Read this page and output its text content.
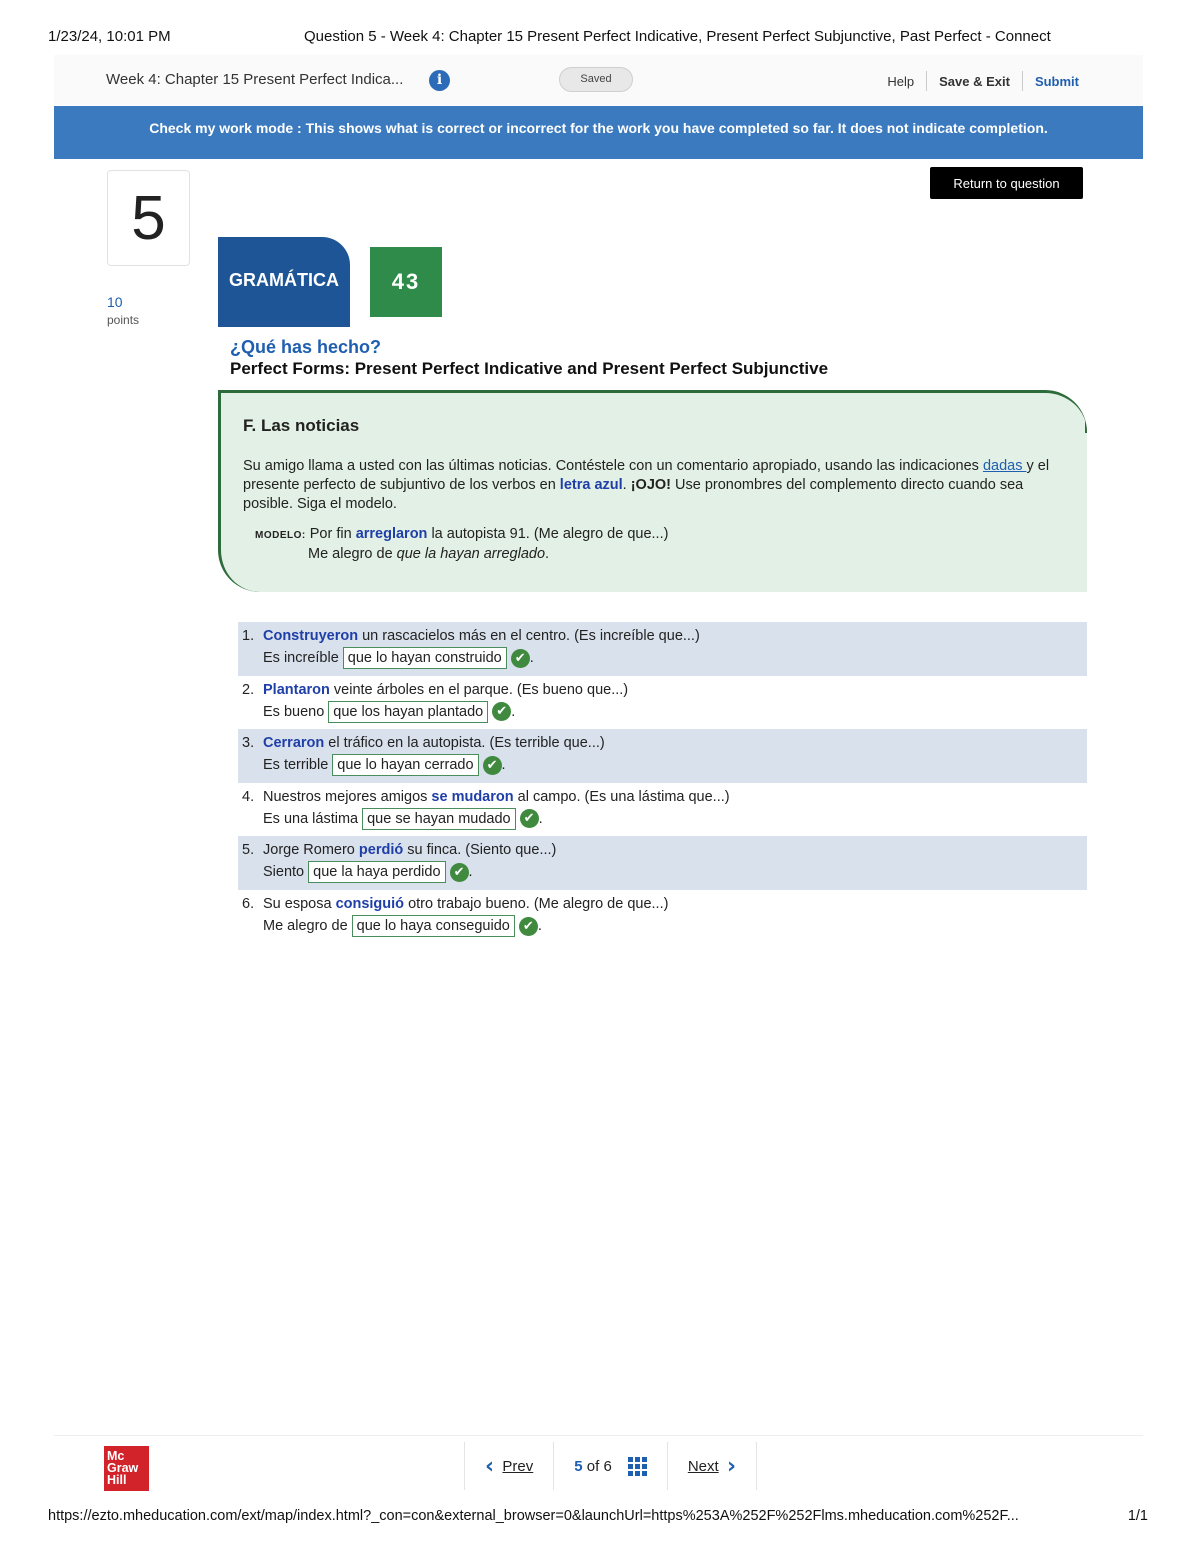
1/23/24, 10:01 PM	Question 5 - Week 4: Chapter 15 Present Perfect Indicative, Present Perfect Subjunctive, Past Perfect - Connect
Week 4: Chapter 15 Present Perfect Indica...	i	Saved	Help	Save & Exit	Submit
Check my work mode : This shows what is correct or incorrect for the work you have completed so far. It does not indicate completion.
5
10
points
Return to question
GRAMÁTICA	43
¿Qué has hecho?
Perfect Forms: Present Perfect Indicative and Present Perfect Subjunctive
F. Las noticias
Su amigo llama a usted con las últimas noticias. Contéstele con un comentario apropiado, usando las indicaciones dadas y el presente perfecto de subjuntivo de los verbos en letra azul. ¡OJO! Use pronombres del complemento directo cuando sea posible. Siga el modelo.
MODELO: Por fin arreglaron la autopista 91. (Me alegro de que...)
Me alegro de que la hayan arreglado.
1. Construyeron un rascacielos más en el centro. (Es increíble que...)
Es increíble que lo hayan construido ✔ .
2. Plantaron veinte árboles en el parque. (Es bueno que...)
Es bueno que los hayan plantado ✔ .
3. Cerraron el tráfico en la autopista. (Es terrible que...)
Es terrible que lo hayan cerrado ✔ .
4. Nuestros mejores amigos se mudaron al campo. (Es una lástima que...)
Es una lástima que se hayan mudado ✔ .
5. Jorge Romero perdió su finca. (Siento que...)
Siento que la haya perdido ✔ .
6. Su esposa consiguió otro trabajo bueno. (Me alegro de que...)
Me alegro de que lo haya conseguido ✔ .
Mc
Graw
Hill
‹
Prev	5
of
6	Next
›
https://ezto.mheducation.com/ext/map/index.html?_con=con&external_browser=0&launchUrl=https%253A%252F%252Flms.mheducation.com%252F...	1/1
